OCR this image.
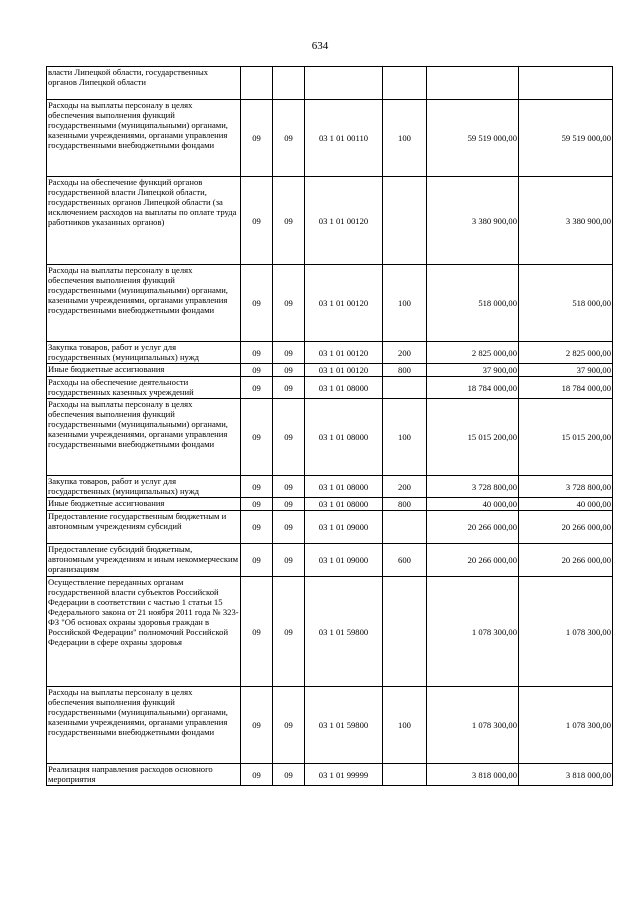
634
власти Липецкой области, государственных органов Липецкой области						
Расходы на выплаты персоналу в целях обеспечения выполнения функций государственными (муниципальными) органами, казенными учреждениями, органами управления государственными внебюджетными фондами	09	09	03 1 01 00110	100	59 519 000,00	59 519 000,00
Расходы на обеспечение функций органов государственной власти Липецкой области, государственных органов Липецкой области (за исключением расходов на выплаты по оплате труда работников указанных органов)	09	09	03 1 01 00120		3 380 900,00	3 380 900,00
Расходы на выплаты персоналу в целях обеспечения выполнения функций государственными (муниципальными) органами, казенными учреждениями, органами управления государственными внебюджетными фондами	09	09	03 1 01 00120	100	518 000,00	518 000,00
Закупка товаров, работ и услуг для государственных (муниципальных) нужд	09	09	03 1 01 00120	200	2 825 000,00	2 825 000,00
Иные бюджетные ассигнования	09	09	03 1 01 00120	800	37 900,00	37 900,00
Расходы на обеспечение деятельности государственных казенных учреждений	09	09	03 1 01 08000		18 784 000,00	18 784 000,00
Расходы на выплаты персоналу в целях обеспечения выполнения функций государственными (муниципальными) органами, казенными учреждениями, органами управления государственными внебюджетными фондами	09	09	03 1 01 08000	100	15 015 200,00	15 015 200,00
Закупка товаров, работ и услуг для государственных (муниципальных) нужд	09	09	03 1 01 08000	200	3 728 800,00	3 728 800,00
Иные бюджетные ассигнования	09	09	03 1 01 08000	800	40 000,00	40 000,00
Предоставление государственным бюджетным и автономным учреждениям субсидий	09	09	03 1 01 09000		20 266 000,00	20 266 000,00
Предоставление субсидий бюджетным, автономным учреждениям и иным некоммерческим организациям	09	09	03 1 01 09000	600	20 266 000,00	20 266 000,00
Осуществление переданных органам государственной власти субъектов Российской Федерации в соответствии с частью 1 статьи 15 Федерального закона от 21 ноября 2011 года № 323-ФЗ "Об основах охраны здоровья граждан в Российской Федерации" полномочий Российской Федерации в сфере охраны здоровья	09	09	03 1 01 59800		1 078 300,00	1 078 300,00
Расходы на выплаты персоналу в целях обеспечения выполнения функций государственными (муниципальными) органами, казенными учреждениями, органами управления государственными внебюджетными фондами	09	09	03 1 01 59800	100	1 078 300,00	1 078 300,00
Реализация направления расходов основного мероприятия	09	09	03 1 01 99999		3 818 000,00	3 818 000,00
